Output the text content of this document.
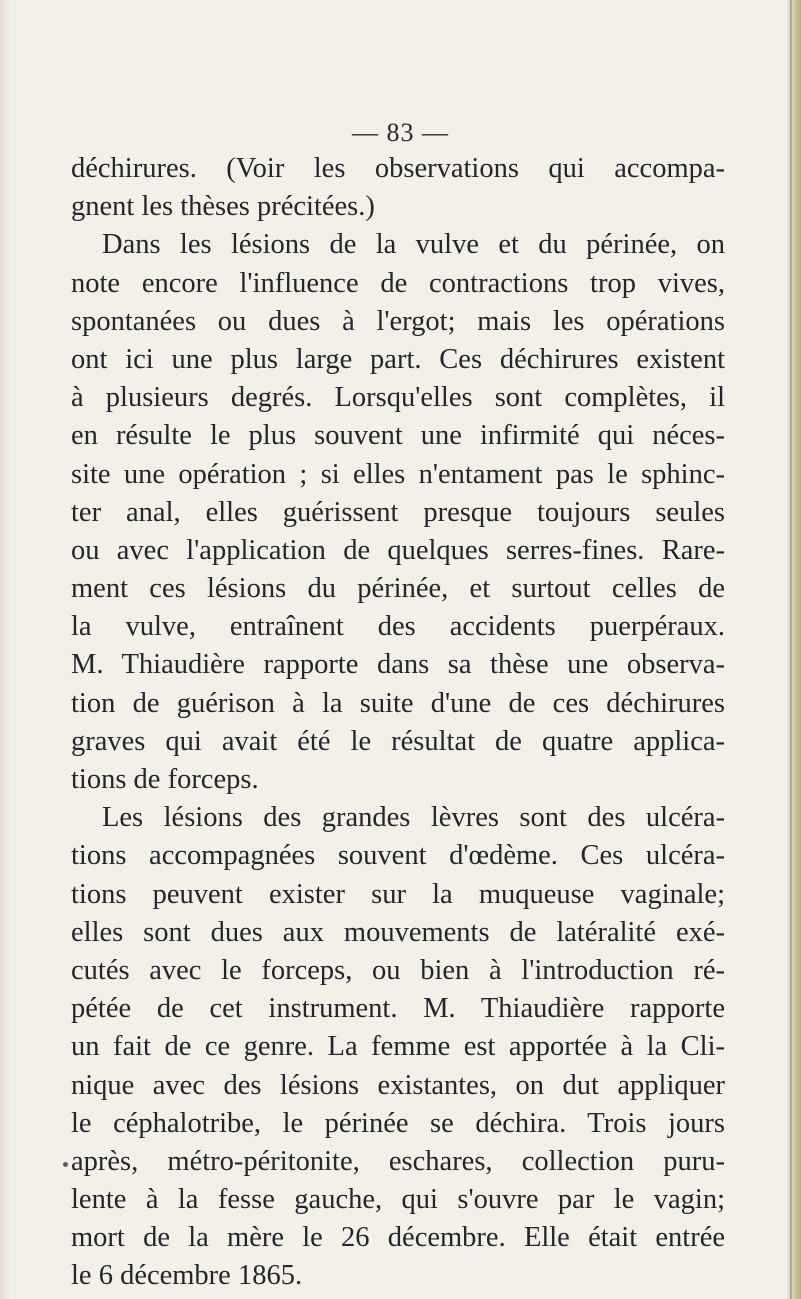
— 83 —
déchirures. (Voir les observations qui accompa-
gnent les thèses précitées.)
Dans les lésions de la vulve et du périnée, on
note encore l'influence de contractions trop vives,
spontanées ou dues à l'ergot; mais les opérations
ont ici une plus large part. Ces déchirures existent
à plusieurs degrés. Lorsqu'elles sont complètes, il
en résulte le plus souvent une infirmité qui néces-
site une opération ; si elles n'entament pas le sphinc-
ter anal, elles guérissent presque toujours seules
ou avec l'application de quelques serres-fines. Rare-
ment ces lésions du périnée, et surtout celles de
la vulve, entraînent des accidents puerpéraux.
M. Thiaudière rapporte dans sa thèse une observa-
tion de guérison à la suite d'une de ces déchirures
graves qui avait été le résultat de quatre applica-
tions de forceps.
Les lésions des grandes lèvres sont des ulcéra-
tions accompagnées souvent d'œdème. Ces ulcéra-
tions peuvent exister sur la muqueuse vaginale;
elles sont dues aux mouvements de latéralité exé-
cutés avec le forceps, ou bien à l'introduction ré-
pétée de cet instrument. M. Thiaudière rapporte
un fait de ce genre. La femme est apportée à la Cli-
nique avec des lésions existantes, on dut appliquer
le céphalotribe, le périnée se déchira. Trois jours
après, métro-péritonite, eschares, collection puru-
lente à la fesse gauche, qui s'ouvre par le vagin;
mort de la mère le 26 décembre. Elle était entrée
le 6 décembre 1865.
